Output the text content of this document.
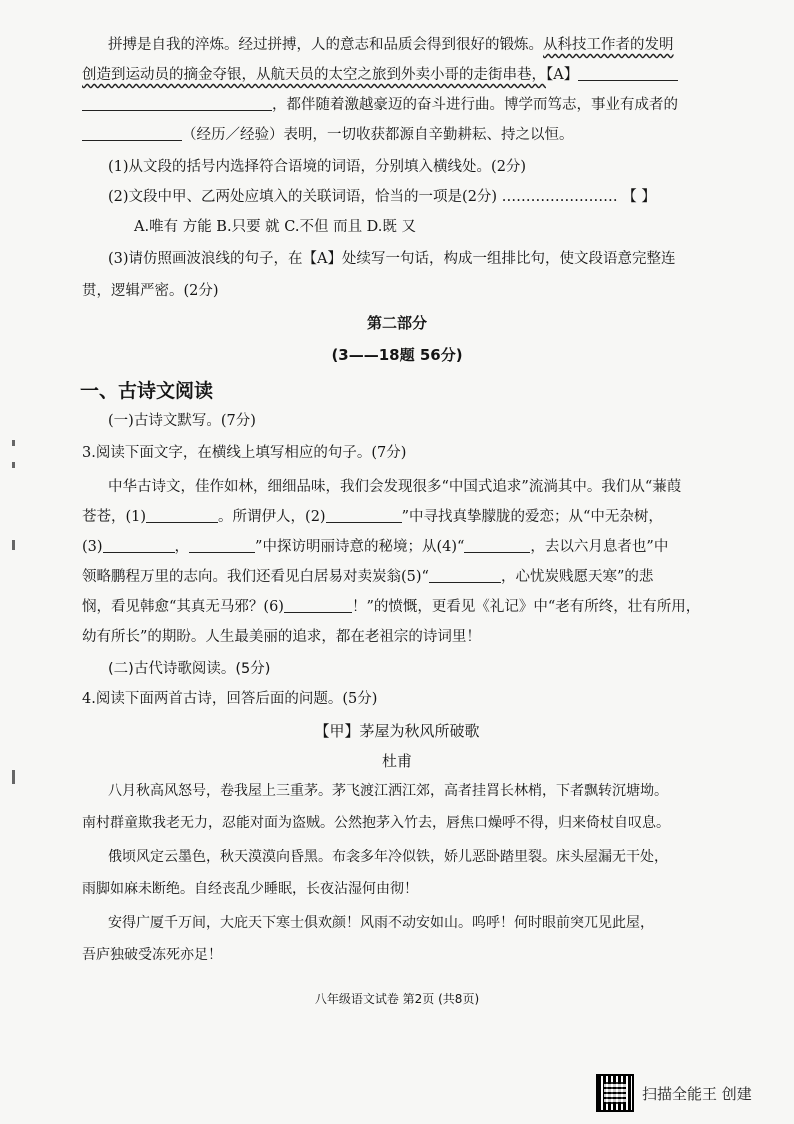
拼搏是自我的淬炼。经过拼搏，人的意志和品质会得到很好的锻炼。从科技工作者的发明
创造到运动员的摘金夺银，从航天员的太空之旅到外卖小哥的走街串巷，【A】
，都伴随着激越豪迈的奋斗进行曲。博学而笃志，事业有成者的
（经历／经验）表明，一切收获都源自辛勤耕耘、持之以恒。
(1)从文段的括号内选择符合语境的词语，分别填入横线处。(2分)
(2)文段中甲、乙两处应填入的关联词语，恰当的一项是(2分) …………………… 【 】
A.唯有 方能 B.只要 就 C.不但 而且 D.既 又
(3)请仿照画波浪线的句子，在【A】处续写一句话，构成一组排比句，使文段语意完整连
贯，逻辑严密。(2分)
第二部分
(3——18题 56分)
一、古诗文阅读
(一)古诗文默写。(7分)
3.阅读下面文字，在横线上填写相应的句子。(7分)
中华古诗文，佳作如林，细细品味，我们会发现很多“中国式追求”流淌其中。我们从“蒹葭
苍苍，(1)	。所谓伊人，(2)	”中寻找真挚朦胧的爱恋；从“中无杂树，
(3)	，	”中探访明丽诗意的秘境；从(4)“	，去以六月息者也”中
领略鹏程万里的志向。我们还看见白居易对卖炭翁(5)“	，心忧炭贱愿天寒”的悲
悯，看见韩愈“其真无马邪？(6)	！”的愤慨，更看见《礼记》中“老有所终，壮有所用，
幼有所长”的期盼。人生最美丽的追求，都在老祖宗的诗词里！
(二)古代诗歌阅读。(5分)
4.阅读下面两首古诗，回答后面的问题。(5分)
【甲】茅屋为秋风所破歌
杜甫
八月秋高风怒号，卷我屋上三重茅。茅飞渡江洒江郊，高者挂罥长林梢，下者飘转沉塘坳。
南村群童欺我老无力，忍能对面为盗贼。公然抱茅入竹去，唇焦口燥呼不得，归来倚杖自叹息。
俄顷风定云墨色，秋天漠漠向昏黑。布衾多年冷似铁，娇儿恶卧踏里裂。床头屋漏无干处，
雨脚如麻未断绝。自经丧乱少睡眠，长夜沾湿何由彻！
安得广厦千万间，大庇天下寒士俱欢颜！风雨不动安如山。呜呼！何时眼前突兀见此屋，
吾庐独破受冻死亦足！
八年级语文试卷 第2页 (共8页)
扫描全能王 创建
